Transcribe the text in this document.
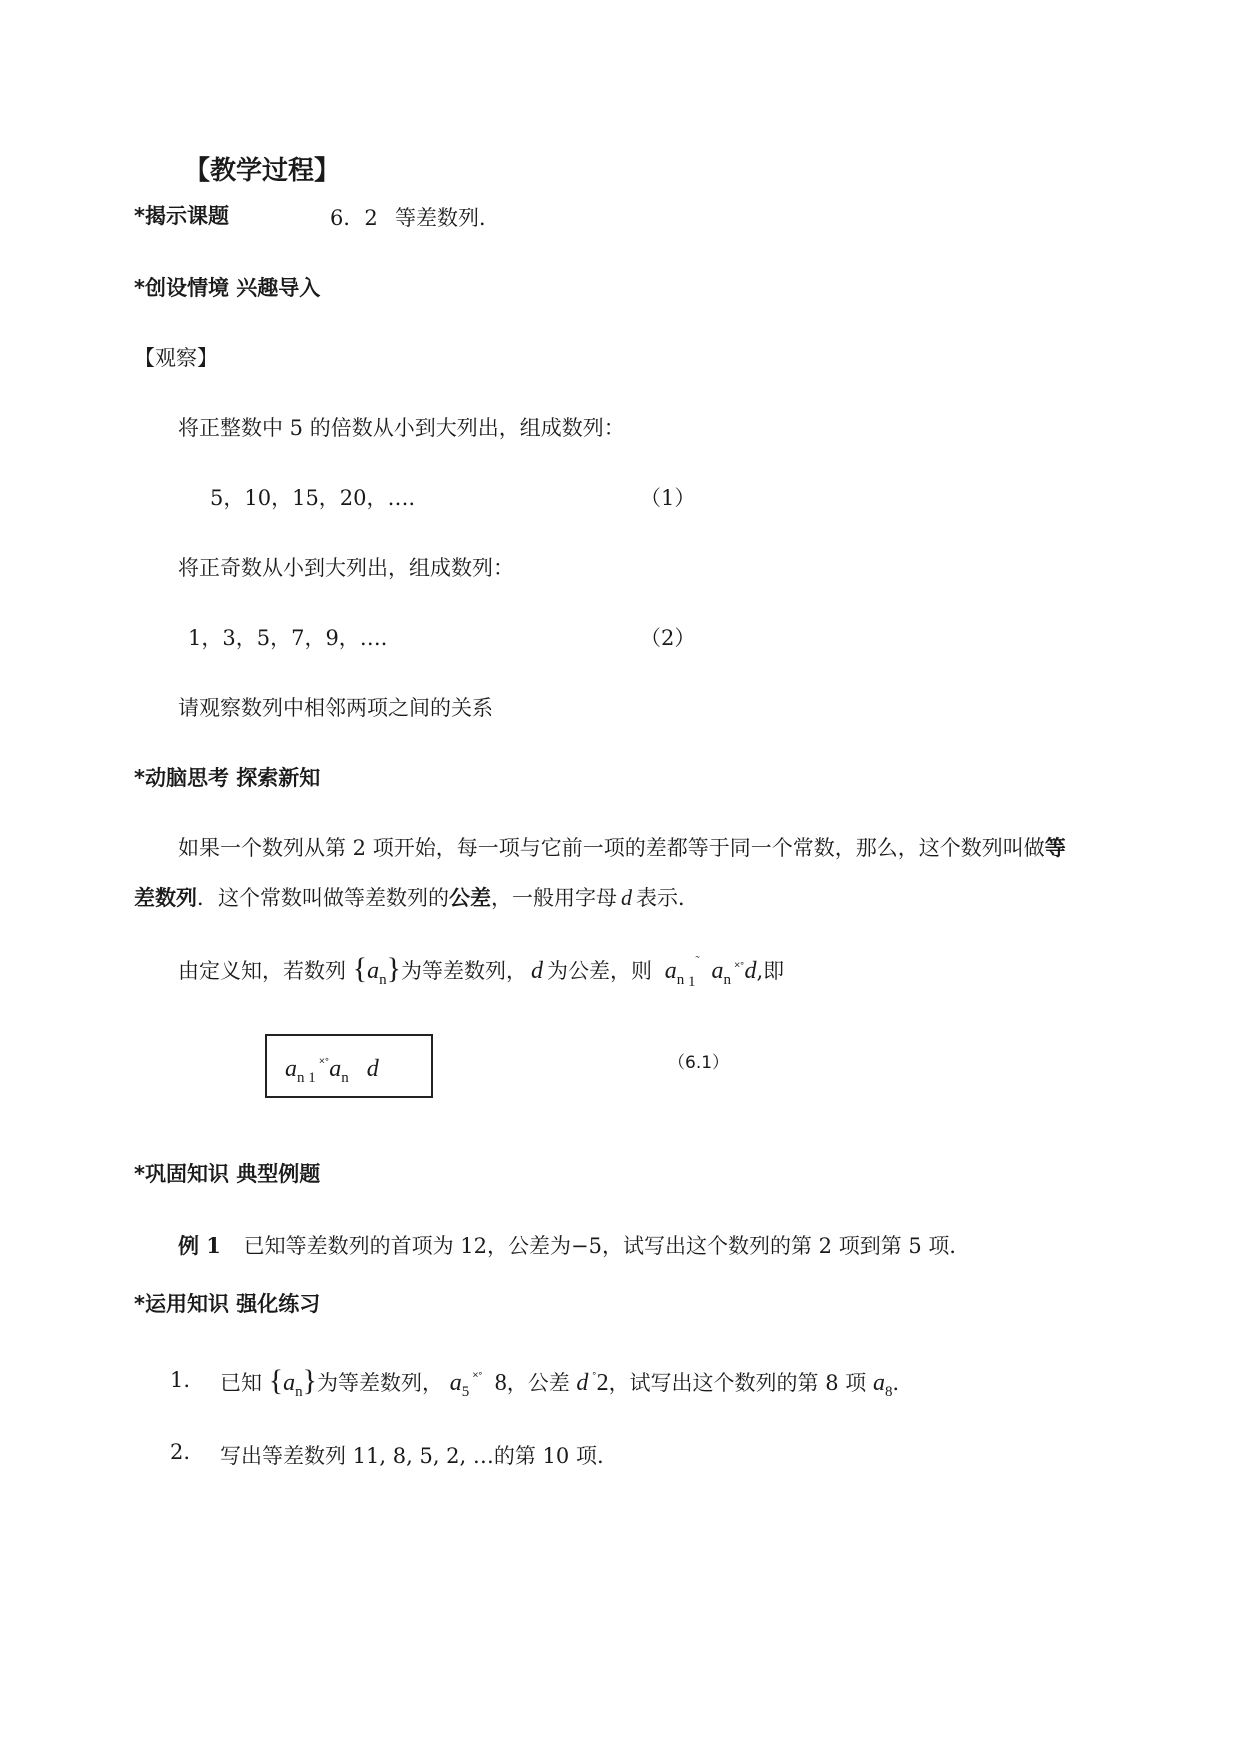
【教学过程】
*揭示课题	6．2 等差数列．
*创设情境 兴趣导入
【观察】
将正整数中 5 的倍数从小到大列出，组成数列：
5，10，15，20，…．	（1）
将正奇数从小到大列出，组成数列：
1，3，5，7，9，…．	（2）
请观察数列中相邻两项之间的关系
*动脑思考 探索新知
如果一个数列从第 2 项开始，每一项与它前一项的差都等于同一个常数，那么，这个数列叫做等
差数列．这个常数叫做等差数列的公差，一般用字母 d 表示．
由定义知，若数列 $\{a_n\}$为等差数列， d 为公差，则 $a_n$ $_1$˜  $a_n$ ˟˚d,即
$a_n$ $_1$ $^{˟˚}a_n$   d	（6.1）
*巩固知识 典型例题
例 1 已知等差数列的首项为 12，公差为−5，试写出这个数列的第 2 项到第 5 项．
*运用知识 强化练习
1. 已知 $\{a_n\}$为等差数列， $a_5$ ˟˚ 8，公差 d ˚2，试写出这个数列的第 8 项 $a_8$．
2. 写出等差数列 11, 8, 5, 2, …的第 10 项.
